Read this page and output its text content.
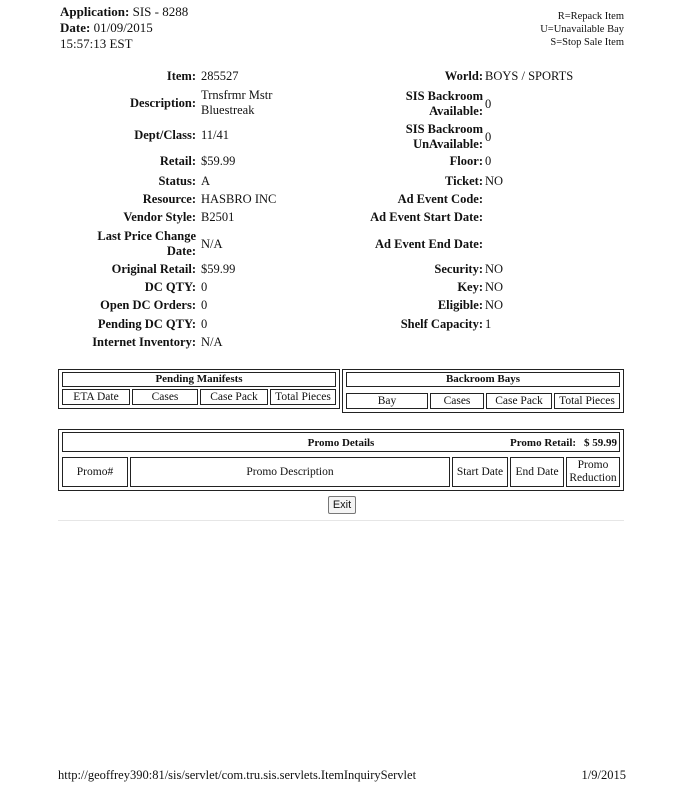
Application: SIS - 8288
Date: 01/09/2015
15:57:13 EST
R=Repack Item
U=Unavailable Bay
S=Stop Sale Item
Item: 285527
Description:
Trnsfrmr Mstr
Bluestreak
Dept/Class: 11/41
Retail: $59.99
Status: A
Resource: HASBRO INC
Vendor Style: B2501
Last Price Change
Date: N/A
Original Retail: $59.99
DC QTY: 0
Open DC Orders: 0
Pending DC QTY: 0
Internet Inventory: N/A
World: BOYS / SPORTS
SIS Backroom
Available: 0
SIS Backroom
UnAvailable: 0
Floor: 0
Ticket: NO
Ad Event Code:
Ad Event Start Date:
Ad Event End Date:
Security: NO
Key: NO
Eligible: NO
Shelf Capacity: 1
Pending Manifests
ETA Date	Cases	Case Pack	Total Pieces
Backroom Bays
Bay	Cases	Case Pack	Total Pieces
Promo Details	Promo Retail: $ 59.99
Promo#	Promo Description	Start Date	End Date
Promo
Reduction
Exit
http://geoffrey390:81/sis/servlet/com.tru.sis.servlets.ItemInquiryServlet	1/9/2015
